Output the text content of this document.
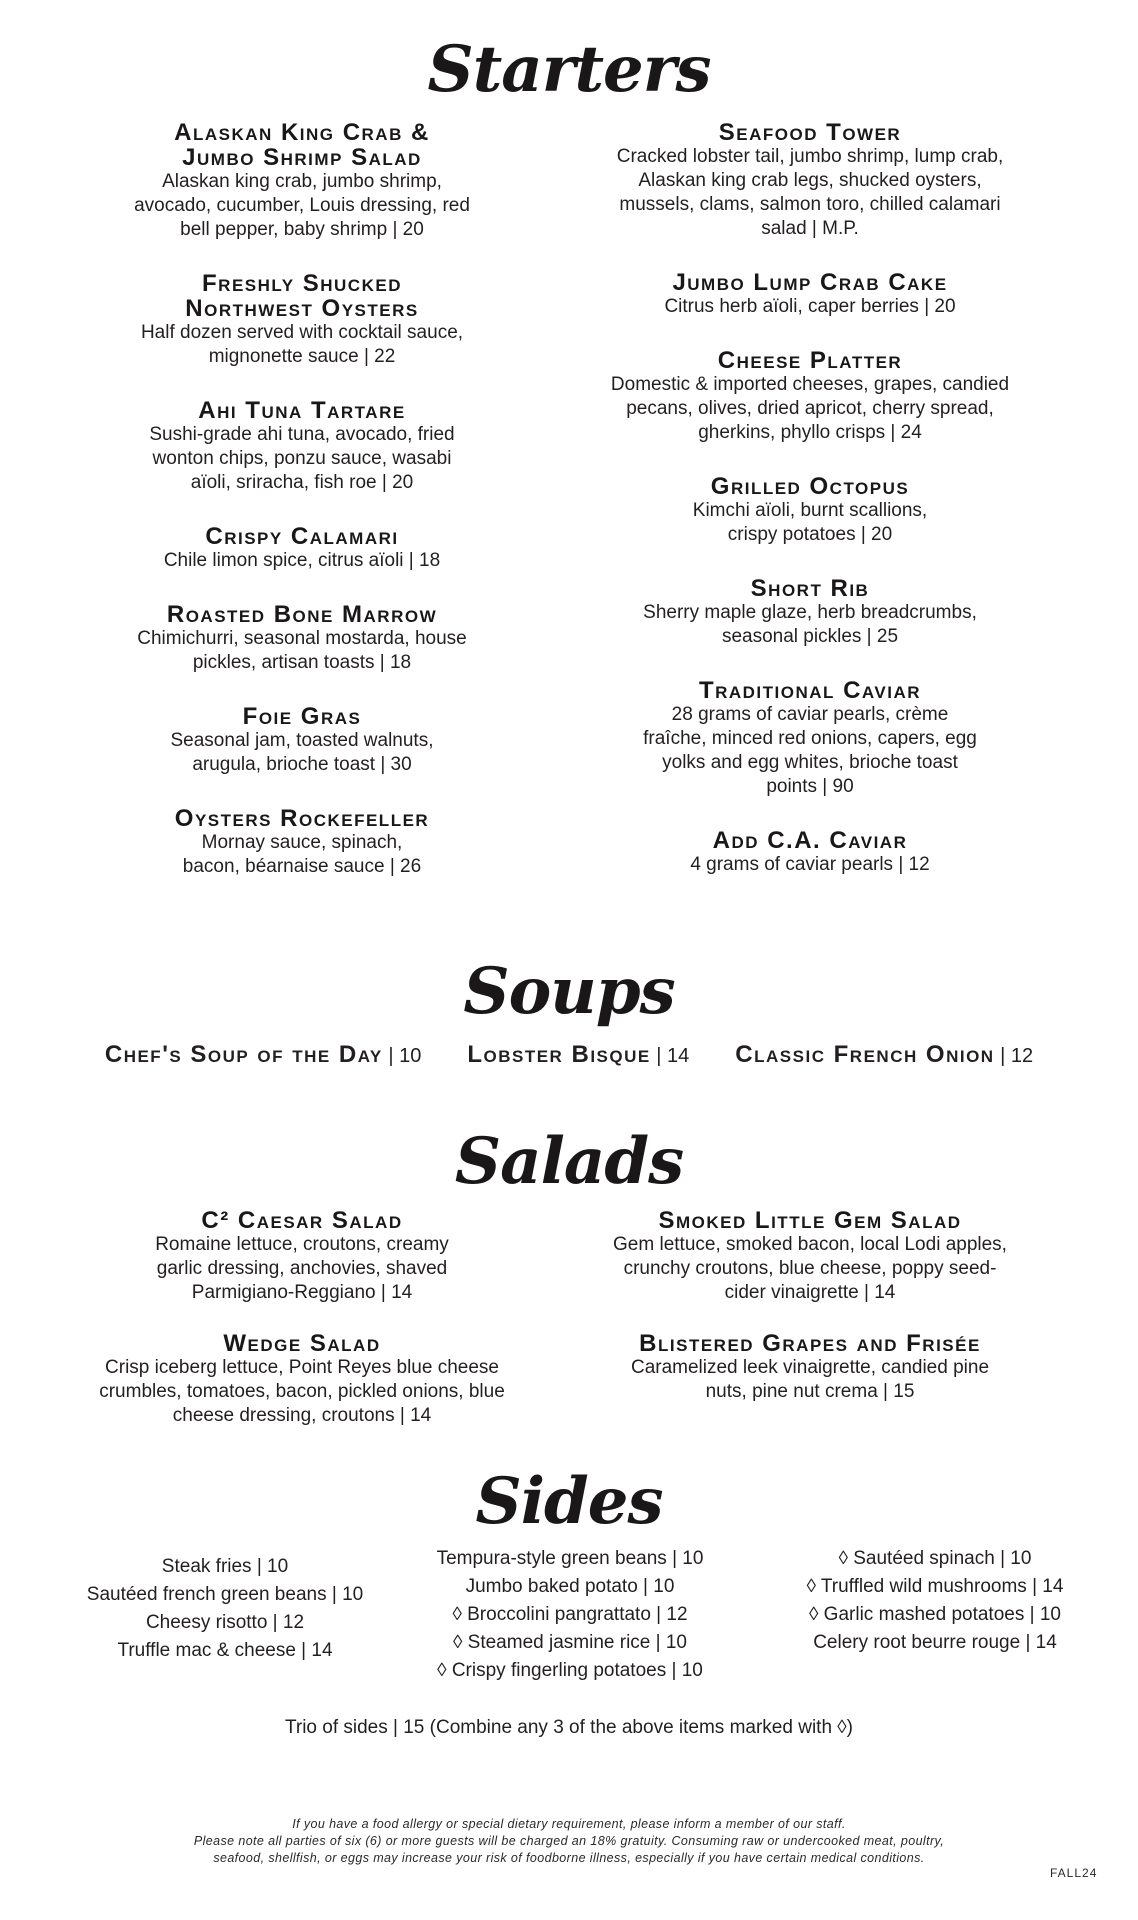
Starters
Alaskan King Crab & Jumbo Shrimp Salad
Alaskan king crab, jumbo shrimp, avocado, cucumber, Louis dressing, red bell pepper, baby shrimp | 20
Freshly Shucked Northwest Oysters
Half dozen served with cocktail sauce, mignonette sauce | 22
Ahi Tuna Tartare
Sushi-grade ahi tuna, avocado, fried wonton chips, ponzu sauce, wasabi aïoli, sriracha, fish roe | 20
Crispy Calamari
Chile limon spice, citrus aïoli | 18
Roasted Bone Marrow
Chimichurri, seasonal mostarda, house pickles, artisan toasts | 18
Foie Gras
Seasonal jam, toasted walnuts, arugula, brioche toast | 30
Oysters Rockefeller
Mornay sauce, spinach, bacon, béarnaise sauce | 26
Seafood Tower
Cracked lobster tail, jumbo shrimp, lump crab, Alaskan king crab legs, shucked oysters, mussels, clams, salmon toro, chilled calamari salad | M.P.
Jumbo Lump Crab Cake
Citrus herb aïoli, caper berries | 20
Cheese Platter
Domestic & imported cheeses, grapes, candied pecans, olives, dried apricot, cherry spread, gherkins, phyllo crisps | 24
Grilled Octopus
Kimchi aïoli, burnt scallions, crispy potatoes | 20
Short Rib
Sherry maple glaze, herb breadcrumbs, seasonal pickles | 25
Traditional Caviar
28 grams of caviar pearls, crème fraîche, minced red onions, capers, egg yolks and egg whites, brioche toast points | 90
Add C.A. Caviar
4 grams of caviar pearls | 12
Soups
Chef's Soup of the Day | 10 Lobster Bisque | 14 Classic French Onion | 12
Salads
C² Caesar Salad
Romaine lettuce, croutons, creamy garlic dressing, anchovies, shaved Parmigiano-Reggiano | 14
Wedge Salad
Crisp iceberg lettuce, Point Reyes blue cheese crumbles, tomatoes, bacon, pickled onions, blue cheese dressing, croutons | 14
Smoked Little Gem Salad
Gem lettuce, smoked bacon, local Lodi apples, crunchy croutons, blue cheese, poppy seed-cider vinaigrette | 14
Blistered Grapes and Frisée
Caramelized leek vinaigrette, candied pine nuts, pine nut crema | 15
Sides
Steak fries | 10
Sautéed french green beans | 10
Cheesy risotto | 12
Truffle mac & cheese | 14
Tempura-style green beans | 10
Jumbo baked potato | 10
◊ Broccolini pangrattato | 12
◊ Steamed jasmine rice | 10
◊ Crispy fingerling potatoes | 10
◊ Sautéed spinach | 10
◊ Truffled wild mushrooms | 14
◊ Garlic mashed potatoes | 10
Celery root beurre rouge | 14
Trio of sides | 15 (Combine any 3 of the above items marked with ◊)
If you have a food allergy or special dietary requirement, please inform a member of our staff.
Please note all parties of six (6) or more guests will be charged an 18% gratuity. Consuming raw or undercooked meat, poultry,
seafood, shellfish, or eggs may increase your risk of foodborne illness, especially if you have certain medical conditions.
FALL24
